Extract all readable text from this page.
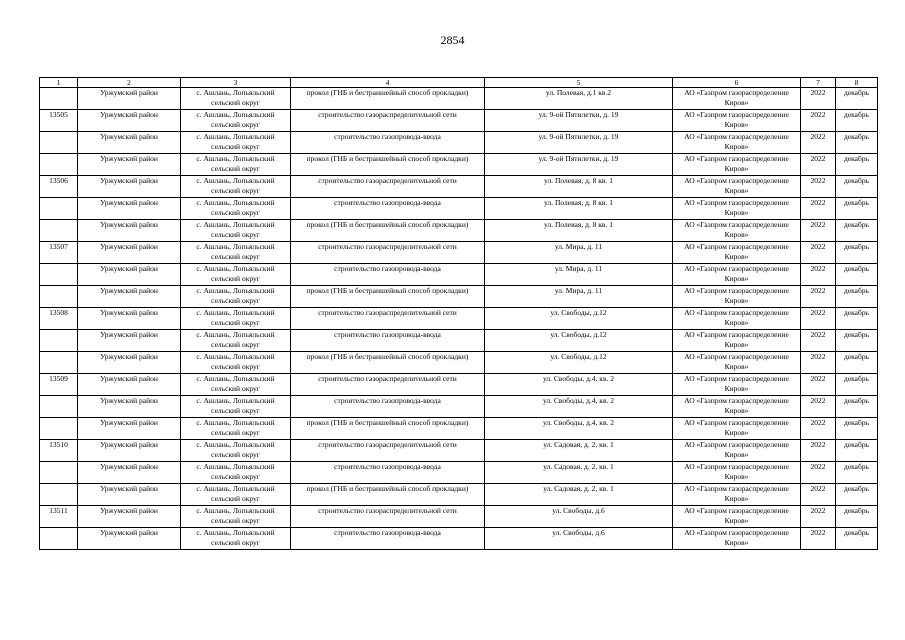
2854
1	2	3	4	5	6	7	8
	Уржумский район	с. Ашлань, Лопьяльский сельский округ	прокол (ГНБ и бестраншейный способ прокладки)	ул. Полевая, д.1 кв.2	АО «Газпром газораспределение Киров»	2022	декабрь
13505	Уржумский район	с. Ашлань, Лопьяльский сельский округ	строительство газораспределительной сети	ул. 9-ой Пятилетки, д. 19	АО «Газпром газораспределение Киров»	2022	декабрь
	Уржумский район	с. Ашлань, Лопьяльский сельский округ	строительство газопровода-ввода	ул. 9-ой Пятилетки, д. 19	АО «Газпром газораспределение Киров»	2022	декабрь
	Уржумский район	с. Ашлань, Лопьяльский сельский округ	прокол (ГНБ и бестраншейный способ прокладки)	ул. 9-ой Пятилетки, д. 19	АО «Газпром газораспределение Киров»	2022	декабрь
13506	Уржумский район	с. Ашлань, Лопьяльский сельский округ	строительство газораспределительной сети	ул. Полевая, д. 8 кв. 1	АО «Газпром газораспределение Киров»	2022	декабрь
	Уржумский район	с. Ашлань, Лопьяльский сельский округ	строительство газопровода-ввода	ул. Полевая, д. 8 кв. 1	АО «Газпром газораспределение Киров»	2022	декабрь
	Уржумский район	с. Ашлань, Лопьяльский сельский округ	прокол (ГНБ и бестраншейный способ прокладки)	ул. Полевая, д. 8 кв. 1	АО «Газпром газораспределение Киров»	2022	декабрь
13507	Уржумский район	с. Ашлань, Лопьяльский сельский округ	строительство газораспределительной сети	ул. Мира, д. 11	АО «Газпром газораспределение Киров»	2022	декабрь
	Уржумский район	с. Ашлань, Лопьяльский сельский округ	строительство газопровода-ввода	ул. Мира, д. 11	АО «Газпром газораспределение Киров»	2022	декабрь
	Уржумский район	с. Ашлань, Лопьяльский сельский округ	прокол (ГНБ и бестраншейный способ прокладки)	ул. Мира, д. 11	АО «Газпром газораспределение Киров»	2022	декабрь
13508	Уржумский район	с. Ашлань, Лопьяльский сельский округ	строительство газораспределительной сети	ул. Свободы, д.12	АО «Газпром газораспределение Киров»	2022	декабрь
	Уржумский район	с. Ашлань, Лопьяльский сельский округ	строительство газопровода-ввода	ул. Свободы, д.12	АО «Газпром газораспределение Киров»	2022	декабрь
	Уржумский район	с. Ашлань, Лопьяльский сельский округ	прокол (ГНБ и бестраншейный способ прокладки)	ул. Свободы, д.12	АО «Газпром газораспределение Киров»	2022	декабрь
13509	Уржумский район	с. Ашлань, Лопьяльский сельский округ	строительство газораспределительной сети	ул. Свободы, д.4, кв. 2	АО «Газпром газораспределение Киров»	2022	декабрь
	Уржумский район	с. Ашлань, Лопьяльский сельский округ	строительство газопровода-ввода	ул. Свободы, д.4, кв. 2	АО «Газпром газораспределение Киров»	2022	декабрь
	Уржумский район	с. Ашлань, Лопьяльский сельский округ	прокол (ГНБ и бестраншейный способ прокладки)	ул. Свободы, д.4, кв. 2	АО «Газпром газораспределение Киров»	2022	декабрь
13510	Уржумский район	с. Ашлань, Лопьяльский сельский округ	строительство газораспределительной сети	ул. Садовая, д. 2, кв. 1	АО «Газпром газораспределение Киров»	2022	декабрь
	Уржумский район	с. Ашлань, Лопьяльский сельский округ	строительство газопровода-ввода	ул. Садовая, д. 2, кв. 1	АО «Газпром газораспределение Киров»	2022	декабрь
	Уржумский район	с. Ашлань, Лопьяльский сельский округ	прокол (ГНБ и бестраншейный способ прокладки)	ул. Садовая, д. 2, кв. 1	АО «Газпром газораспределение Киров»	2022	декабрь
13511	Уржумский район	с. Ашлань, Лопьяльский сельский округ	строительство газораспределительной сети	ул. Свободы, д.6	АО «Газпром газораспределение Киров»	2022	декабрь
	Уржумский район	с. Ашлань, Лопьяльский сельский округ	строительство газопровода-ввода	ул. Свободы, д.6	АО «Газпром газораспределение Киров»	2022	декабрь
